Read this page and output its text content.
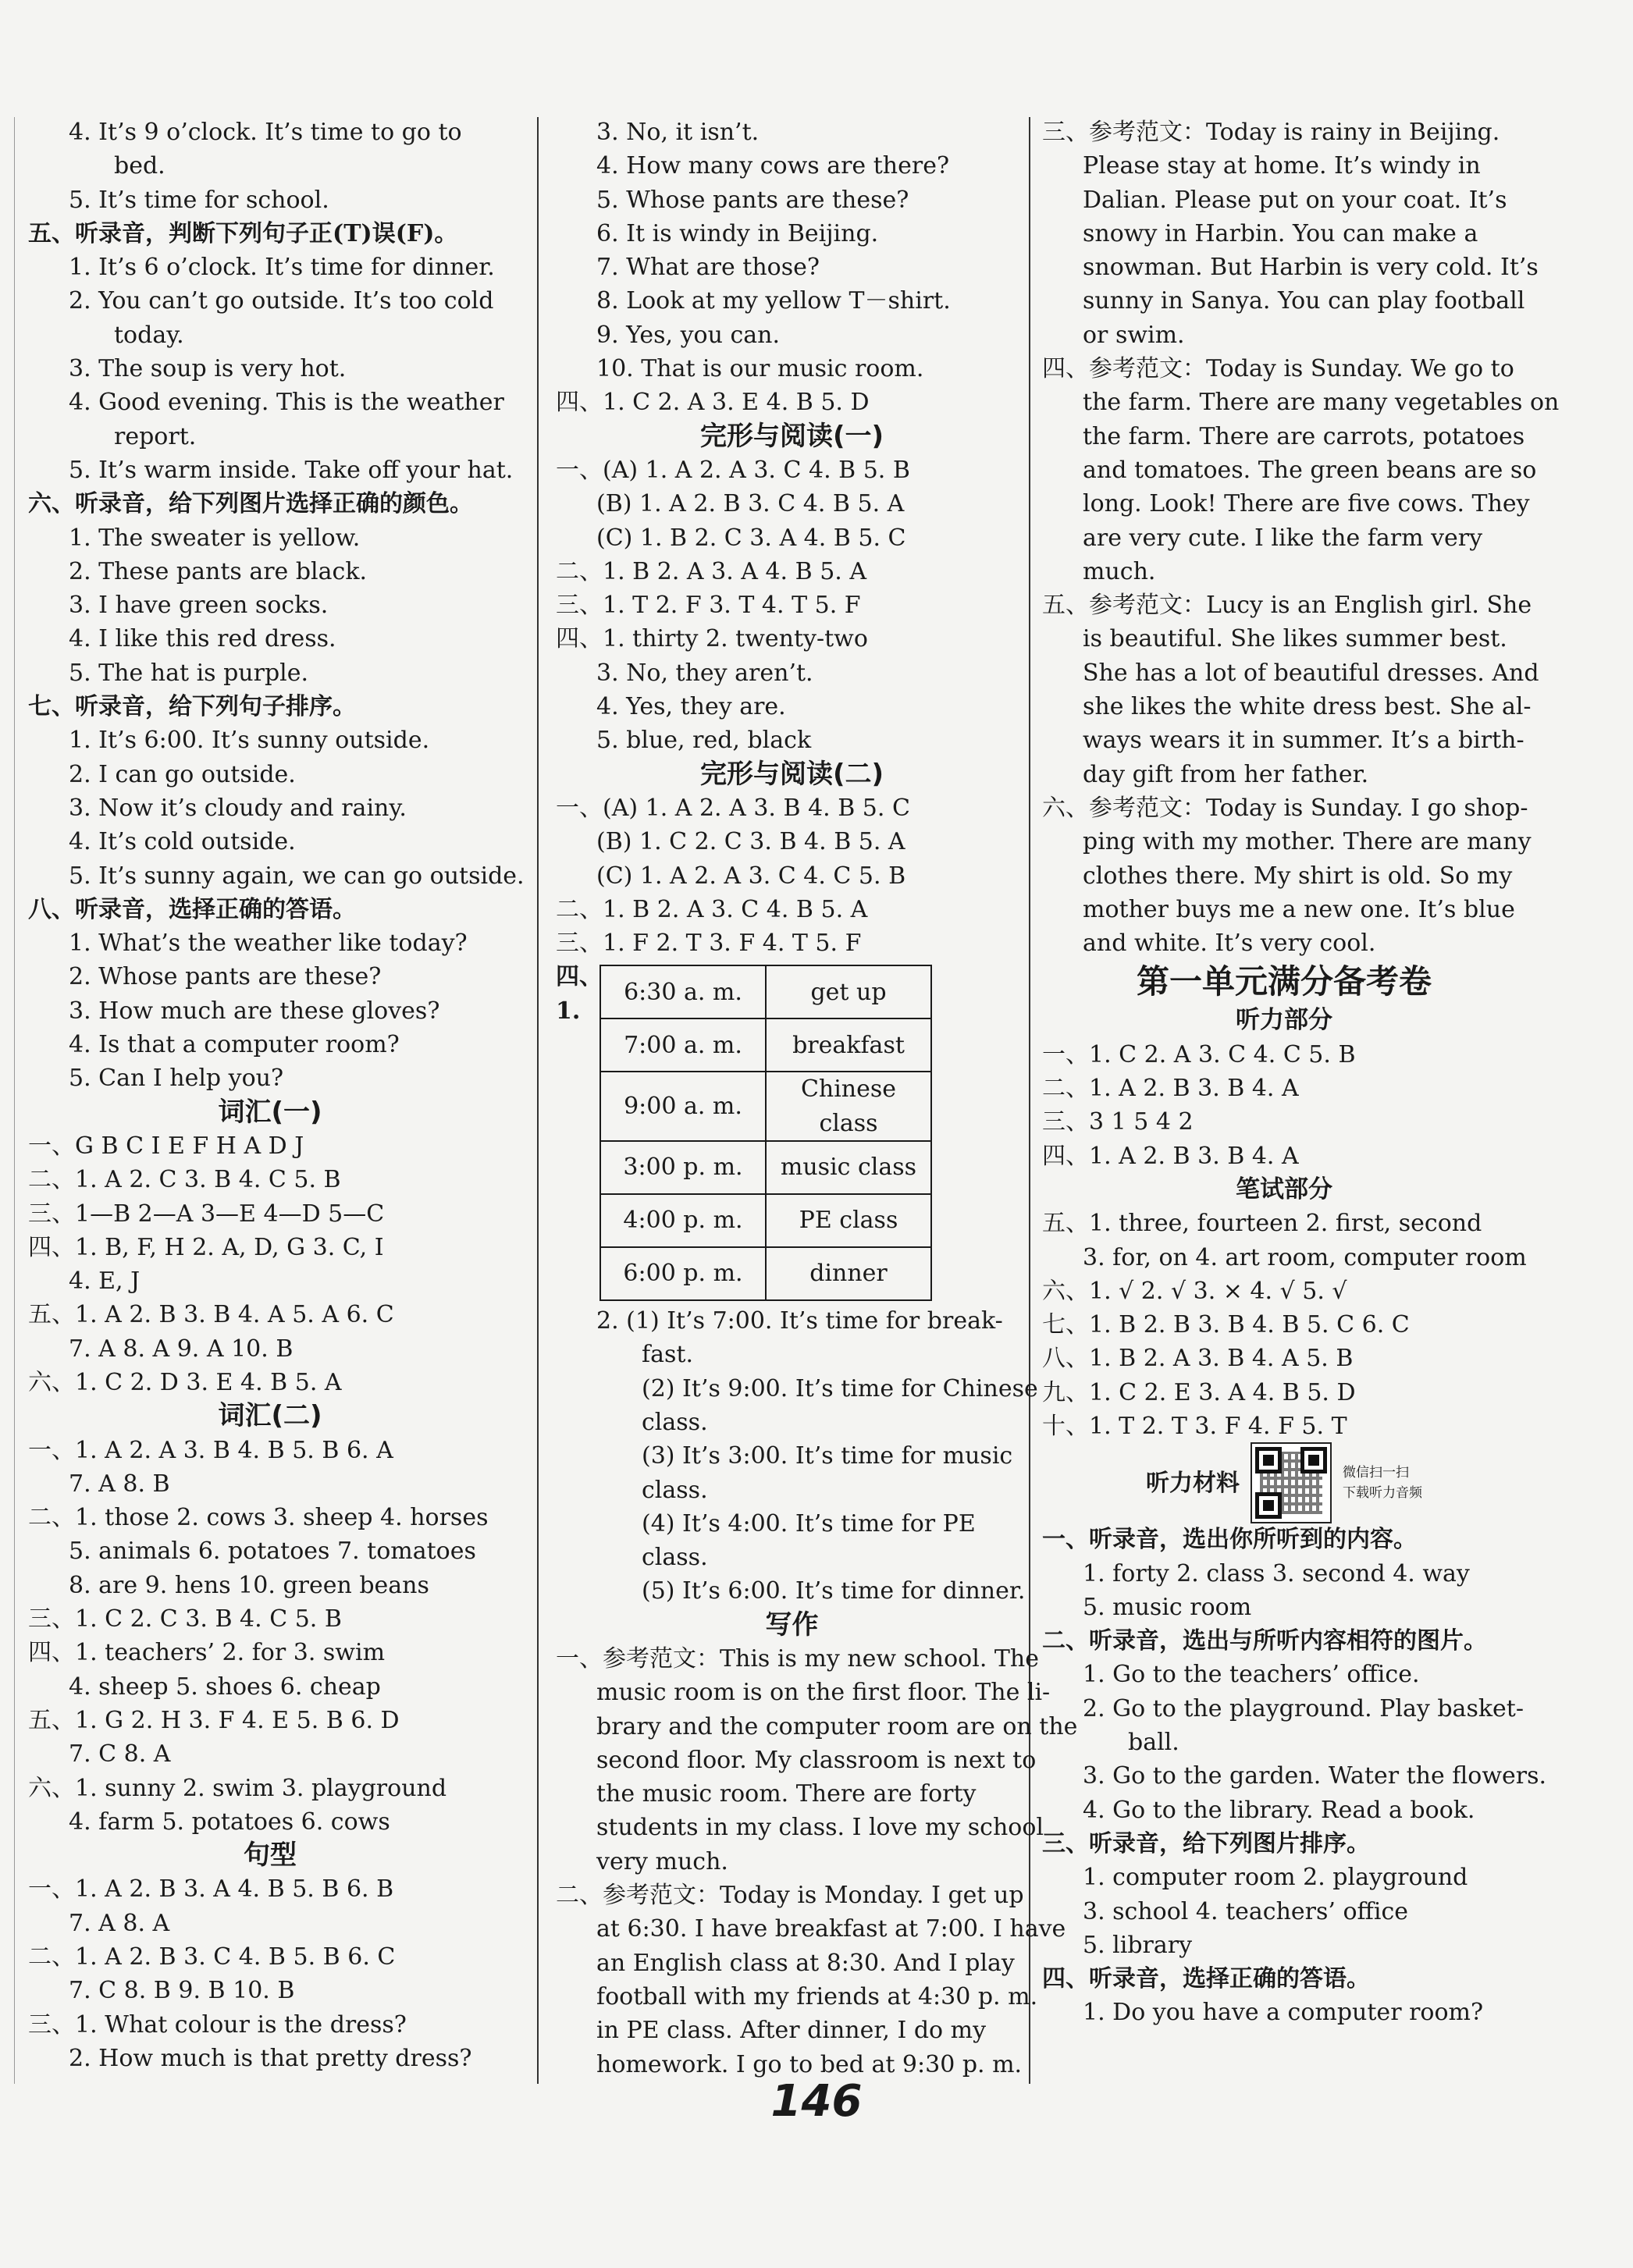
4. It’s 9 o’clock. It’s time to go to
bed.
5. It’s time for school.
五、听录音，判断下列句子正(T)误(F)。
1. It’s 6 o’clock. It’s time for dinner.
2. You can’t go outside. It’s too cold
today.
3. The soup is very hot.
4. Good evening. This is the weather
report.
5. It’s warm inside. Take off your hat.
六、听录音，给下列图片选择正确的颜色。
1. The sweater is yellow.
2. These pants are black.
3. I have green socks.
4. I like this red dress.
5. The hat is purple.
七、听录音，给下列句子排序。
1. It’s 6:00. It’s sunny outside.
2. I can go outside.
3. Now it’s cloudy and rainy.
4. It’s cold outside.
5. It’s sunny again, we can go outside.
八、听录音，选择正确的答语。
1. What’s the weather like today?
2. Whose pants are these?
3. How much are these gloves?
4. Is that a computer room?
5. Can I help you?
词汇(一)
一、G B C I E F H A D J
二、1. A 2. C 3. B 4. C 5. B
三、1—B 2—A 3—E 4—D 5—C
四、1. B, F, H 2. A, D, G 3. C, I
4. E, J
五、1. A 2. B 3. B 4. A 5. A 6. C
7. A 8. A 9. A 10. B
六、1. C 2. D 3. E 4. B 5. A
词汇(二)
一、1. A 2. A 3. B 4. B 5. B 6. A
7. A 8. B
二、1. those 2. cows 3. sheep 4. horses
5. animals 6. potatoes 7. tomatoes
8. are 9. hens 10. green beans
三、1. C 2. C 3. B 4. C 5. B
四、1. teachers’ 2. for 3. swim
4. sheep 5. shoes 6. cheap
五、1. G 2. H 3. F 4. E 5. B 6. D
7. C 8. A
六、1. sunny 2. swim 3. playground
4. farm 5. potatoes 6. cows
句型
一、1. A 2. B 3. A 4. B 5. B 6. B
7. A 8. A
二、1. A 2. B 3. C 4. B 5. B 6. C
7. C 8. B 9. B 10. B
三、1. What colour is the dress?
2. How much is that pretty dress?
3. No, it isn’t.
4. How many cows are there?
5. Whose pants are these?
6. It is windy in Beijing.
7. What are those?
8. Look at my yellow T－shirt.
9. Yes, you can.
10. That is our music room.
四、1. C 2. A 3. E 4. B 5. D
完形与阅读(一)
一、(A) 1. A 2. A 3. C 4. B 5. B
(B) 1. A 2. B 3. C 4. B 5. A
(C) 1. B 2. C 3. A 4. B 5. C
二、1. B 2. A 3. A 4. B 5. A
三、1. T 2. F 3. T 4. T 5. F
四、1. thirty 2. twenty-two
3. No, they aren’t.
4. Yes, they are.
5. blue, red, black
完形与阅读(二)
一、(A) 1. A 2. A 3. B 4. B 5. C
(B) 1. C 2. C 3. B 4. B 5. A
(C) 1. A 2. A 3. C 4. C 5. B
二、1. B 2. A 3. C 4. B 5. A
三、1. F 2. T 3. F 4. T 5. F
四、1.
6:30 a. m.	get up
7:00 a. m.	breakfast
9:00 a. m.	Chinese class
3:00 p. m.	music class
4:00 p. m.	PE class
6:00 p. m.	dinner
2. (1) It’s 7:00. It’s time for break-
fast.
(2) It’s 9:00. It’s time for Chinese
class.
(3) It’s 3:00. It’s time for music
class.
(4) It’s 4:00. It’s time for PE
class.
(5) It’s 6:00. It’s time for dinner.
写作
一、参考范文：This is my new school. The
music room is on the first floor. The li-
brary and the computer room are on the
second floor. My classroom is next to
the music room. There are forty
students in my class. I love my school
very much.
二、参考范文：Today is Monday. I get up
at 6:30. I have breakfast at 7:00. I have
an English class at 8:30. And I play
football with my friends at 4:30 p. m.
in PE class. After dinner, I do my
homework. I go to bed at 9:30 p. m.
三、参考范文：Today is rainy in Beijing.
Please stay at home. It’s windy in
Dalian. Please put on your coat. It’s
snowy in Harbin. You can make a
snowman. But Harbin is very cold. It’s
sunny in Sanya. You can play football
or swim.
四、参考范文：Today is Sunday. We go to
the farm. There are many vegetables on
the farm. There are carrots, potatoes
and tomatoes. The green beans are so
long. Look! There are five cows. They
are very cute. I like the farm very
much.
五、参考范文：Lucy is an English girl. She
is beautiful. She likes summer best.
She has a lot of beautiful dresses. And
she likes the white dress best. She al-
ways wears it in summer. It’s a birth-
day gift from her father.
六、参考范文：Today is Sunday. I go shop-
ping with my mother. There are many
clothes there. My shirt is old. So my
mother buys me a new one. It’s blue
and white. It’s very cool.
第一单元满分备考卷
听力部分
一、1. C 2. A 3. C 4. C 5. B
二、1. A 2. B 3. B 4. A
三、3 1 5 4 2
四、1. A 2. B 3. B 4. A
笔试部分
五、1. three, fourteen 2. first, second
3. for, on 4. art room, computer room
六、1. √ 2. √ 3. × 4. √ 5. √
七、1. B 2. B 3. B 4. B 5. C 6. C
八、1. B 2. A 3. B 4. A 5. B
九、1. C 2. E 3. A 4. B 5. D
十、1. T 2. T 3. F 4. F 5. T
听力材料	微信扫一扫
下载听力音频
一、听录音，选出你所听到的内容。
1. forty 2. class 3. second 4. way
5. music room
二、听录音，选出与所听内容相符的图片。
1. Go to the teachers’ office.
2. Go to the playground. Play basket-
ball.
3. Go to the garden. Water the flowers.
4. Go to the library. Read a book.
三、听录音，给下列图片排序。
1. computer room 2. playground
3. school 4. teachers’ office
5. library
四、听录音，选择正确的答语。
1. Do you have a computer room?
146
